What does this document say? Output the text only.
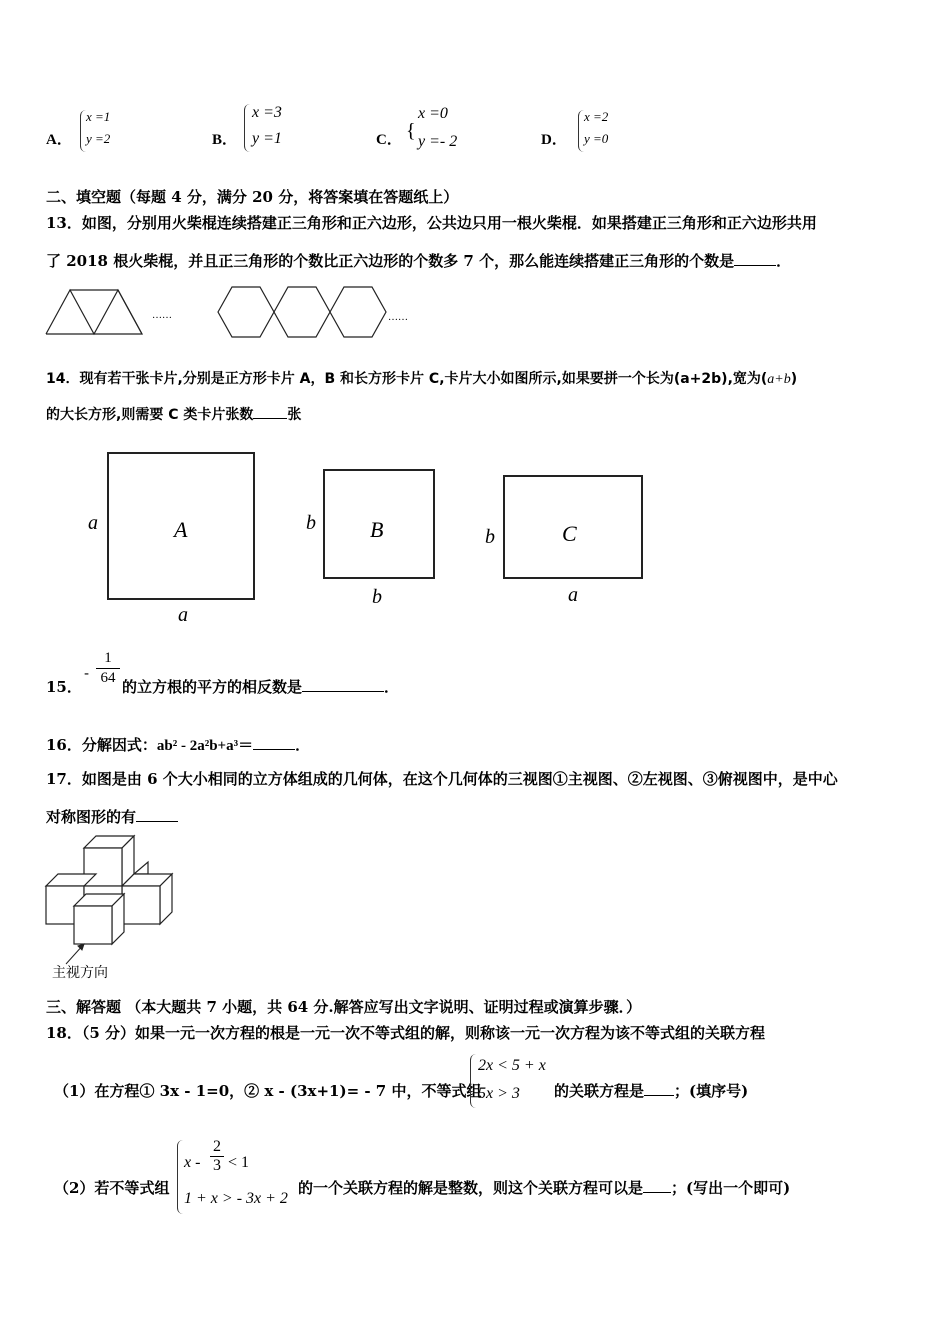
A．
x =1
y =2	B．
x =3
y =1	C． {
x =0
y =- 2	D．
x =2
y =0
二、填空题（每题 4 分，满分 20 分，将答案填在答题纸上）
13．如图，分别用火柴棍连续搭建正三角形和正六边形，公共边只用一根火柴棍．如果搭建正三角形和正六边形共用
了 2018 根火柴棍，并且正三角形的个数比正六边形的个数多 7 个，那么能连续搭建正三角形的个数是	．
……	……
14．现有若干张卡片,分别是正方形卡片 A，B 和长方形卡片 C,卡片大小如图所示,如果要拼一个长为(a+2b),宽为(a+b)
的大长方形,则需要 C 类卡片张数 张
A
a
a
B
b
b
C
b
a
15．
-
1
64 的立方根的平方的相反数是	．
16．分解因式：ab² - 2a²b+a³＝	．
17．如图是由 6 个大小相同的立方体组成的几何体，在这个几何体的三视图①主视图、②左视图、③俯视图中，是中心
对称图形的有
主视方向
三、解答题 （本大题共 7 小题，共 64 分.解答应写出文字说明、证明过程或演算步骤．）
18．（5 分）如果一元一次方程的根是一元一次不等式组的解，则称该一元一次方程为该不等式组的关联方程
（1）在方程① 3x - 1=0，② x - (3x+1)= - 7 中，不等式组
2x < 5 + x
5x > 3	的关联方程是 ；(填序号)
（2）若不等式组
x -
2
3 < 1
1 + x > - 3x + 2
的一个关联方程的解是整数，则这个关联方程可以是 ；(写出一个即可)
